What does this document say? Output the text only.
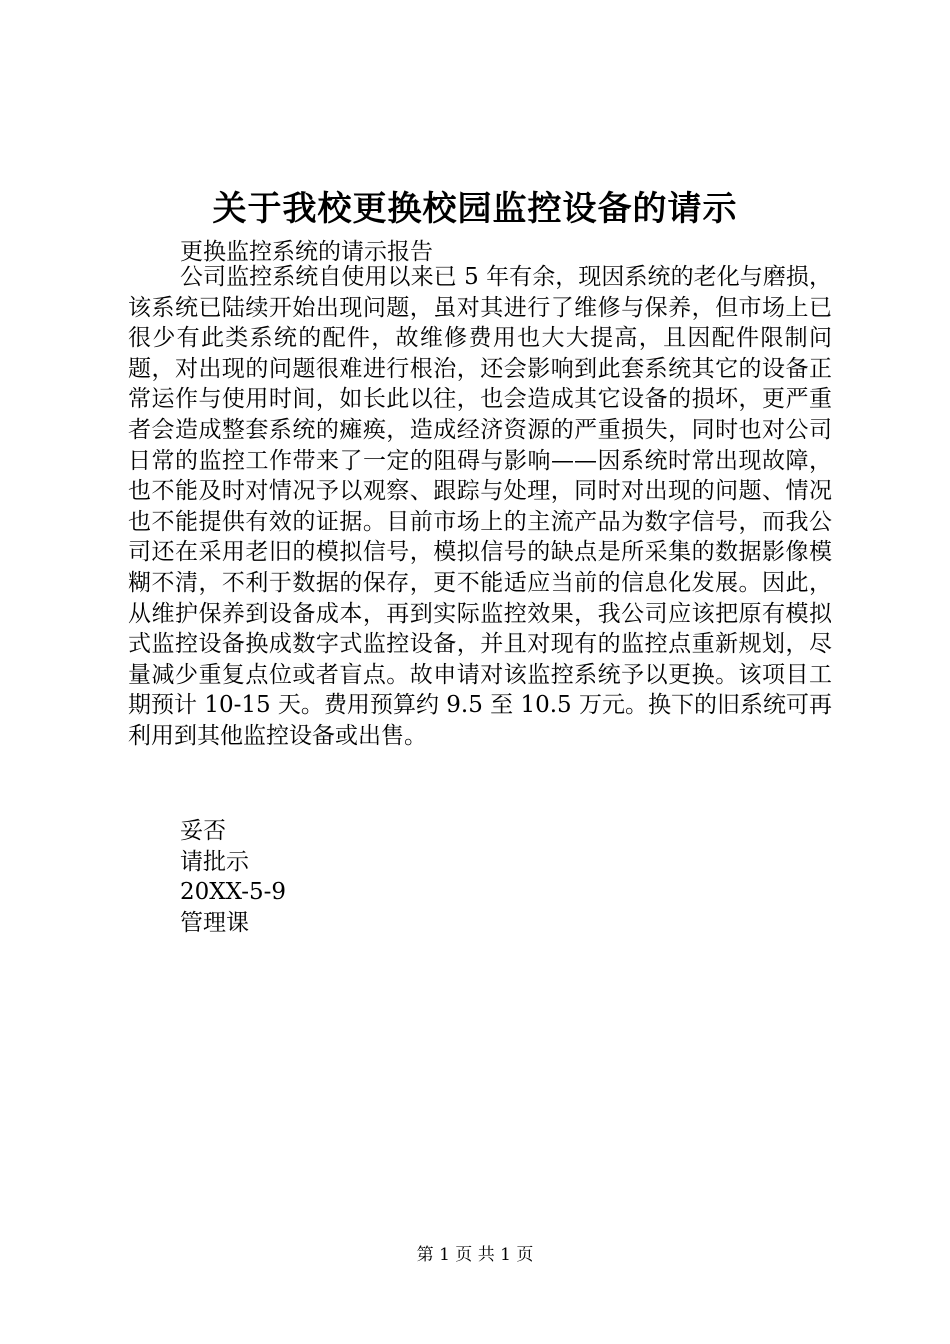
关于我校更换校园监控设备的请示

更换监控系统的请示报告

公司监控系统自使用以来已 5 年有余，现因系统的老化与磨损，该系统已陆续开始出现问题，虽对其进行了维修与保养，但市场上已很少有此类系统的配件，故维修费用也大大提高，且因配件限制问题，对出现的问题很难进行根治，还会影响到此套系统其它的设备正常运作与使用时间，如长此以往，也会造成其它设备的损坏，更严重者会造成整套系统的瘫痪，造成经济资源的严重损失，同时也对公司日常的监控工作带来了一定的阻碍与影响——因系统时常出现故障，也不能及时对情况予以观察、跟踪与处理，同时对出现的问题、情况也不能提供有效的证据。目前市场上的主流产品为数字信号，而我公司还在采用老旧的模拟信号，模拟信号的缺点是所采集的数据影像模糊不清，不利于数据的保存，更不能适应当前的信息化发展。因此，从维护保养到设备成本，再到实际监控效果，我公司应该把原有模拟式监控设备换成数字式监控设备，并且对现有的监控点重新规划，尽量减少重复点位或者盲点。故申请对该监控系统予以更换。该项目工期预计 10-15 天。费用预算约 9.5 至 10.5 万元。换下的旧系统可再利用到其他监控设备或出售。

妥否
请批示
20XX-5-9
管理课
第 1 页 共 1 页
